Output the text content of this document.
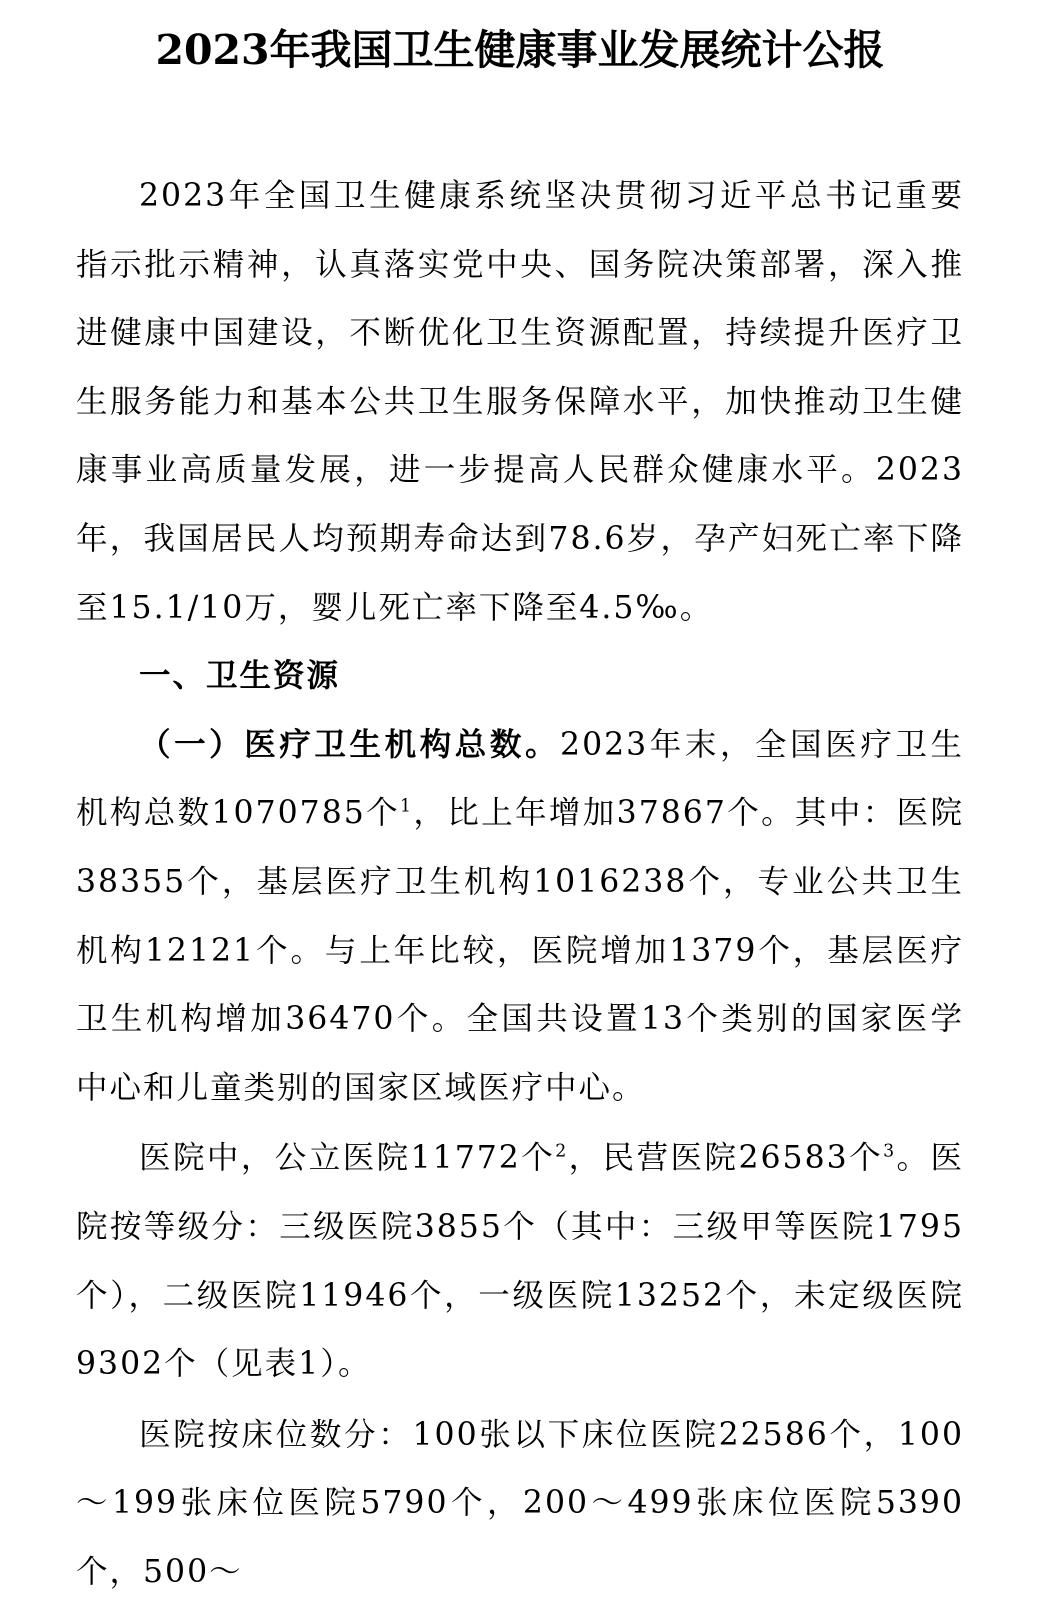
2023年我国卫生健康事业发展统计公报

2023年全国卫生健康系统坚决贯彻习近平总书记重要指示批示精神，认真落实党中央、国务院决策部署，深入推进健康中国建设，不断优化卫生资源配置，持续提升医疗卫生服务能力和基本公共卫生服务保障水平，加快推动卫生健康事业高质量发展，进一步提高人民群众健康水平。2023年，我国居民人均预期寿命达到78.6岁，孕产妇死亡率下降至15.1/10万，婴儿死亡率下降至4.5‰。

一、卫生资源

（一）医疗卫生机构总数。2023年末，全国医疗卫生机构总数1070785个$^1$，比上年增加37867个。其中：医院38355个，基层医疗卫生机构1016238个，专业公共卫生机构12121个。与上年比较，医院增加1379个，基层医疗卫生机构增加36470个。全国共设置13个类别的国家医学中心和儿童类别的国家区域医疗中心。

医院中，公立医院11772个$^2$，民营医院26583个$^3$。医院按等级分：三级医院3855个（其中：三级甲等医院1795个），二级医院11946个，一级医院13252个，未定级医院9302个（见表1）。

医院按床位数分：100张以下床位医院22586个，100～199张床位医院5790个，200～499张床位医院5390个，500～
